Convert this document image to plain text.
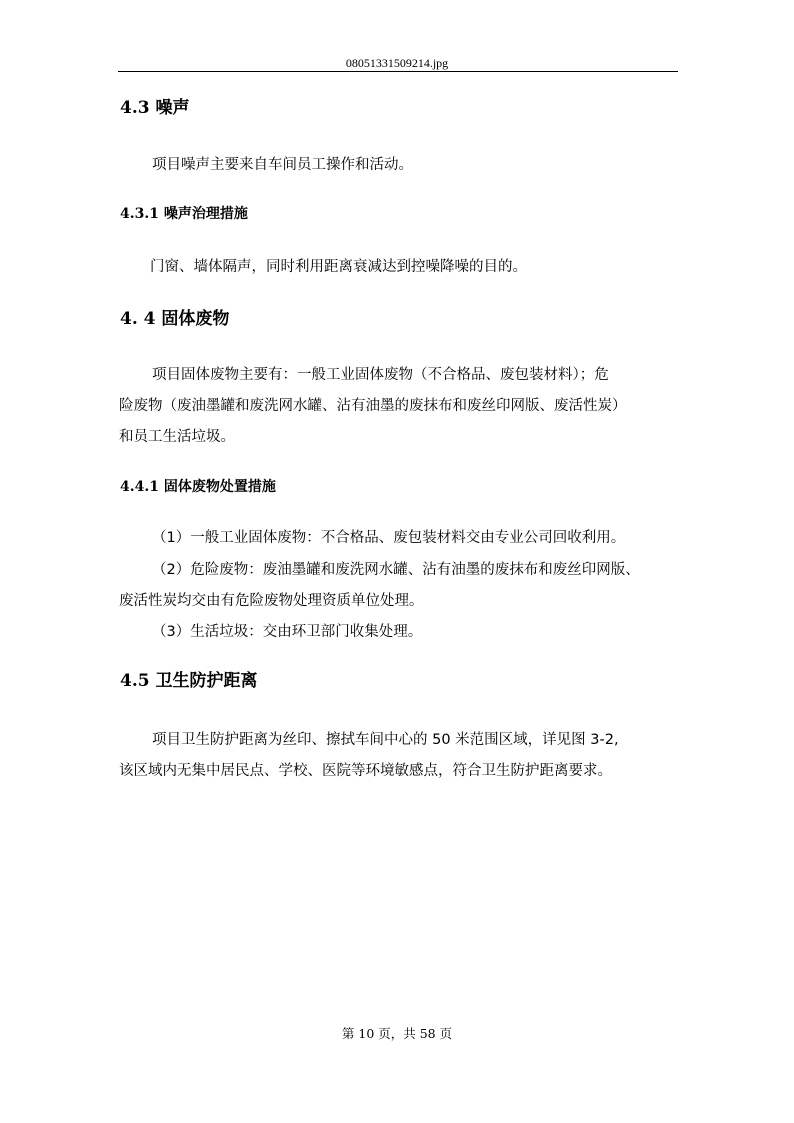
08051331509214.jpg
4.3 噪声
项目噪声主要来自车间员工操作和活动。
4.3.1 噪声治理措施
门窗、墙体隔声，同时利用距离衰减达到控噪降噪的目的。
4. 4 固体废物
项目固体废物主要有：一般工业固体废物（不合格品、废包装材料）；危
险废物（废油墨罐和废洗网水罐、沾有油墨的废抹布和废丝印网版、废活性炭）
和员工生活垃圾。
4.4.1 固体废物处置措施
（1）一般工业固体废物：不合格品、废包装材料交由专业公司回收利用。
（2）危险废物：废油墨罐和废洗网水罐、沾有油墨的废抹布和废丝印网版、
废活性炭均交由有危险废物处理资质单位处理。
（3）生活垃圾：交由环卫部门收集处理。
4.5 卫生防护距离
项目卫生防护距离为丝印、擦拭车间中心的 50 米范围区域，详见图 3-2,
该区域内无集中居民点、学校、医院等环境敏感点，符合卫生防护距离要求。
第 10 页，共 58 页
